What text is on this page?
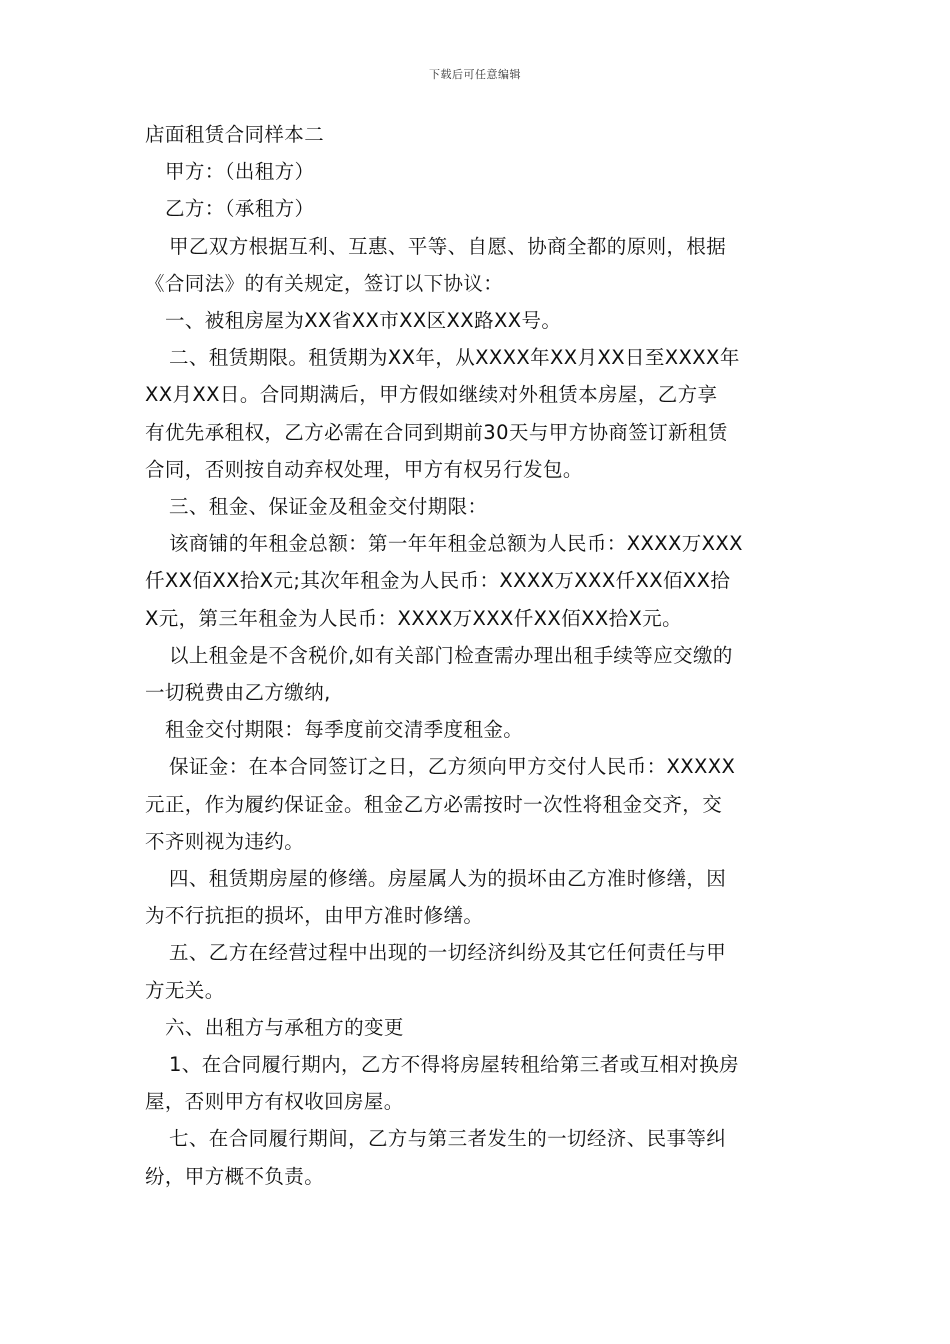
下载后可任意编辑
店面租赁合同样本二
甲方：（出租方）
乙方：（承租方）
甲乙双方根据互利、互惠、平等、自愿、协商全都的原则，根据
《合同法》的有关规定，签订以下协议：
一、被租房屋为XX省XX市XX区XX路XX号。
二、租赁期限。租赁期为XX年，从XXXX年XX月XX日至XXXX年
XX月XX日。合同期满后，甲方假如继续对外租赁本房屋，乙方享
有优先承租权，乙方必需在合同到期前30天与甲方协商签订新租赁
合同，否则按自动弃权处理，甲方有权另行发包。
三、租金、保证金及租金交付期限：
该商铺的年租金总额：第一年年租金总额为人民币：XXXX万XXX
仟XX佰XX拾X元;其次年租金为人民币：XXXX万XXX仟XX佰XX拾
X元，第三年租金为人民币：XXXX万XXX仟XX佰XX拾X元。
以上租金是不含税价,如有关部门检查需办理出租手续等应交缴的
一切税费由乙方缴纳,
租金交付期限：每季度前交清季度租金。
保证金：在本合同签订之日，乙方须向甲方交付人民币：XXXXX
元正，作为履约保证金。租金乙方必需按时一次性将租金交齐，交
不齐则视为违约。
四、租赁期房屋的修缮。房屋属人为的损坏由乙方准时修缮，因
为不行抗拒的损坏，由甲方准时修缮。
五、乙方在经营过程中出现的一切经济纠纷及其它任何责任与甲
方无关。
六、出租方与承租方的变更
1、在合同履行期内，乙方不得将房屋转租给第三者或互相对换房
屋，否则甲方有权收回房屋。
七、在合同履行期间，乙方与第三者发生的一切经济、民事等纠
纷，甲方概不负责。
